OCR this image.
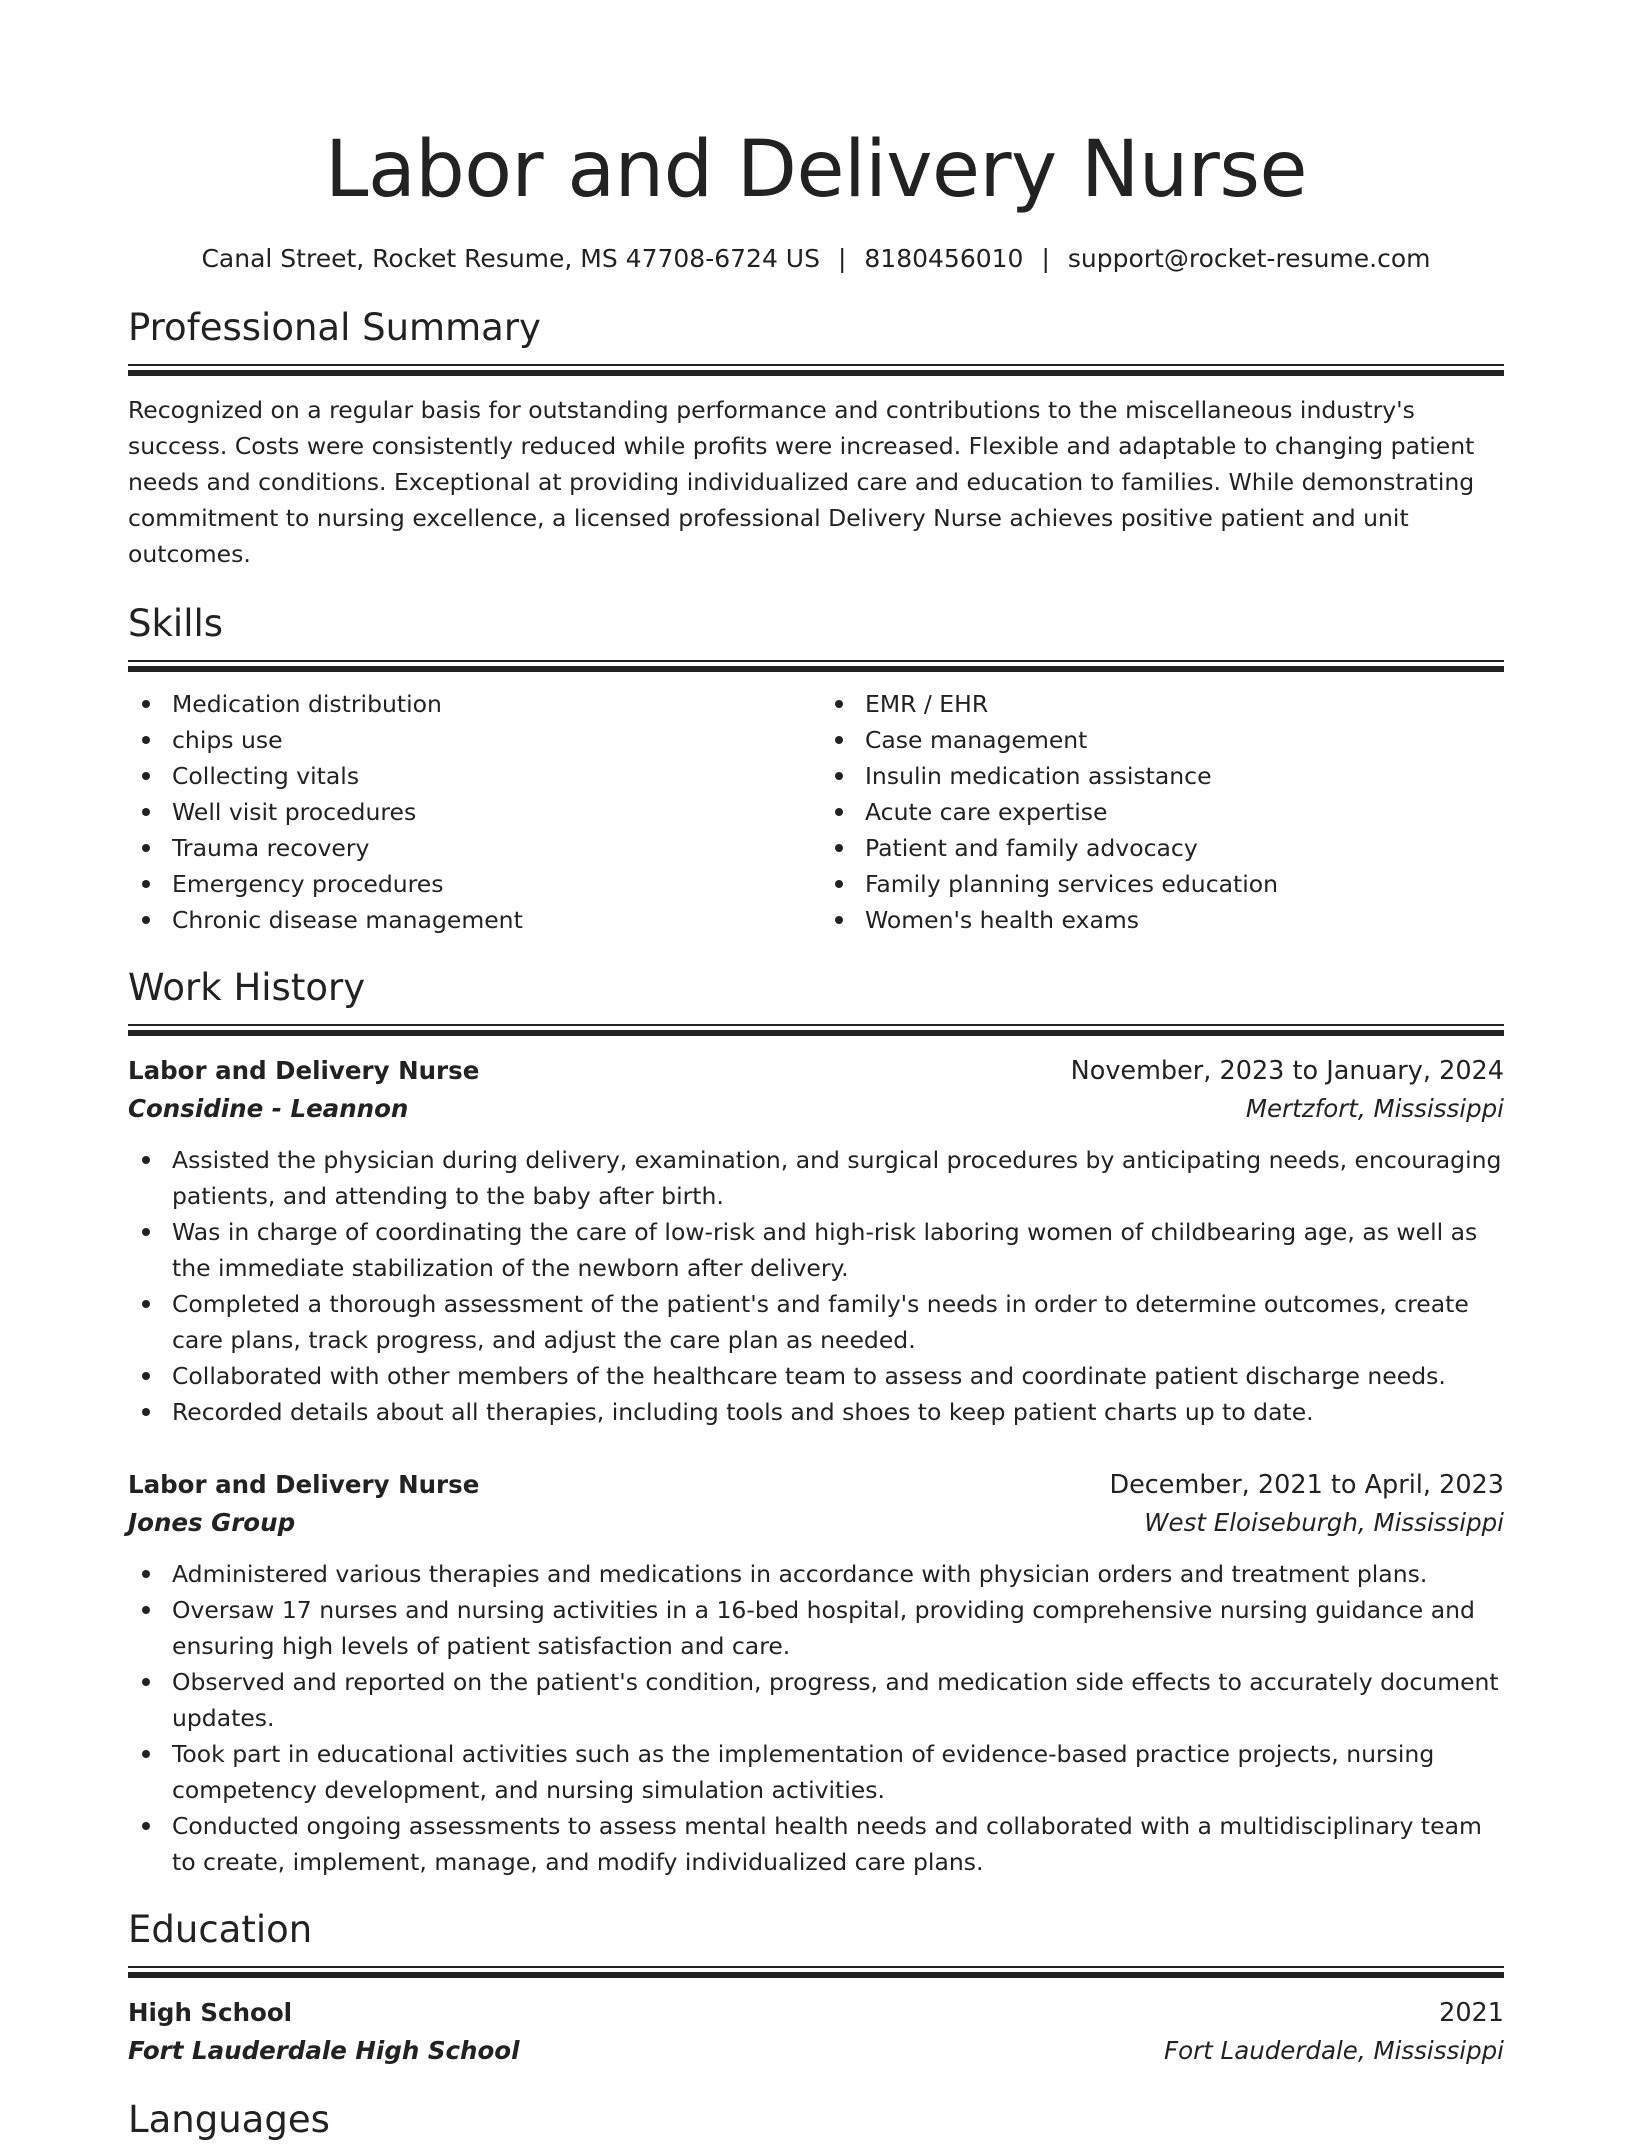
Labor and Delivery Nurse
Canal Street, Rocket Resume, MS 47708-6724 US | 8180456010 | support@rocket-resume.com
Professional Summary

Recognized on a regular basis for outstanding performance and contributions to the miscellaneous industry's success. Costs were consistently reduced while profits were increased. Flexible and adaptable to changing patient needs and conditions. Exceptional at providing individualized care and education to families. While demonstrating commitment to nursing excellence, a licensed professional Delivery Nurse achieves positive patient and unit outcomes.

Skills
Medication distribution
chips use
Collecting vitals
Well visit procedures
Trauma recovery
Emergency procedures
Chronic disease management
EMR / EHR
Case management
Insulin medication assistance
Acute care expertise
Patient and family advocacy
Family planning services education
Women's health exams
Work History
Labor and Delivery Nurse	November, 2023 to January, 2024
Considine - Leannon	Mertzfort, Mississippi
Assisted the physician during delivery, examination, and surgical procedures by anticipating needs, encouraging patients, and attending to the baby after birth.
Was in charge of coordinating the care of low-risk and high-risk laboring women of childbearing age, as well as the immediate stabilization of the newborn after delivery.
Completed a thorough assessment of the patient's and family's needs in order to determine outcomes, create care plans, track progress, and adjust the care plan as needed.
Collaborated with other members of the healthcare team to assess and coordinate patient discharge needs.
Recorded details about all therapies, including tools and shoes to keep patient charts up to date.
Labor and Delivery Nurse	December, 2021 to April, 2023
Jones Group	West Eloiseburgh, Mississippi
Administered various therapies and medications in accordance with physician orders and treatment plans.
Oversaw 17 nurses and nursing activities in a 16-bed hospital, providing comprehensive nursing guidance and ensuring high levels of patient satisfaction and care.
Observed and reported on the patient's condition, progress, and medication side effects to accurately document updates.
Took part in educational activities such as the implementation of evidence-based practice projects, nursing competency development, and nursing simulation activities.
Conducted ongoing assessments to assess mental health needs and collaborated with a multidisciplinary team to create, implement, manage, and modify individualized care plans.
Education
High School	2021
Fort Lauderdale High School	Fort Lauderdale, Mississippi
Languages
